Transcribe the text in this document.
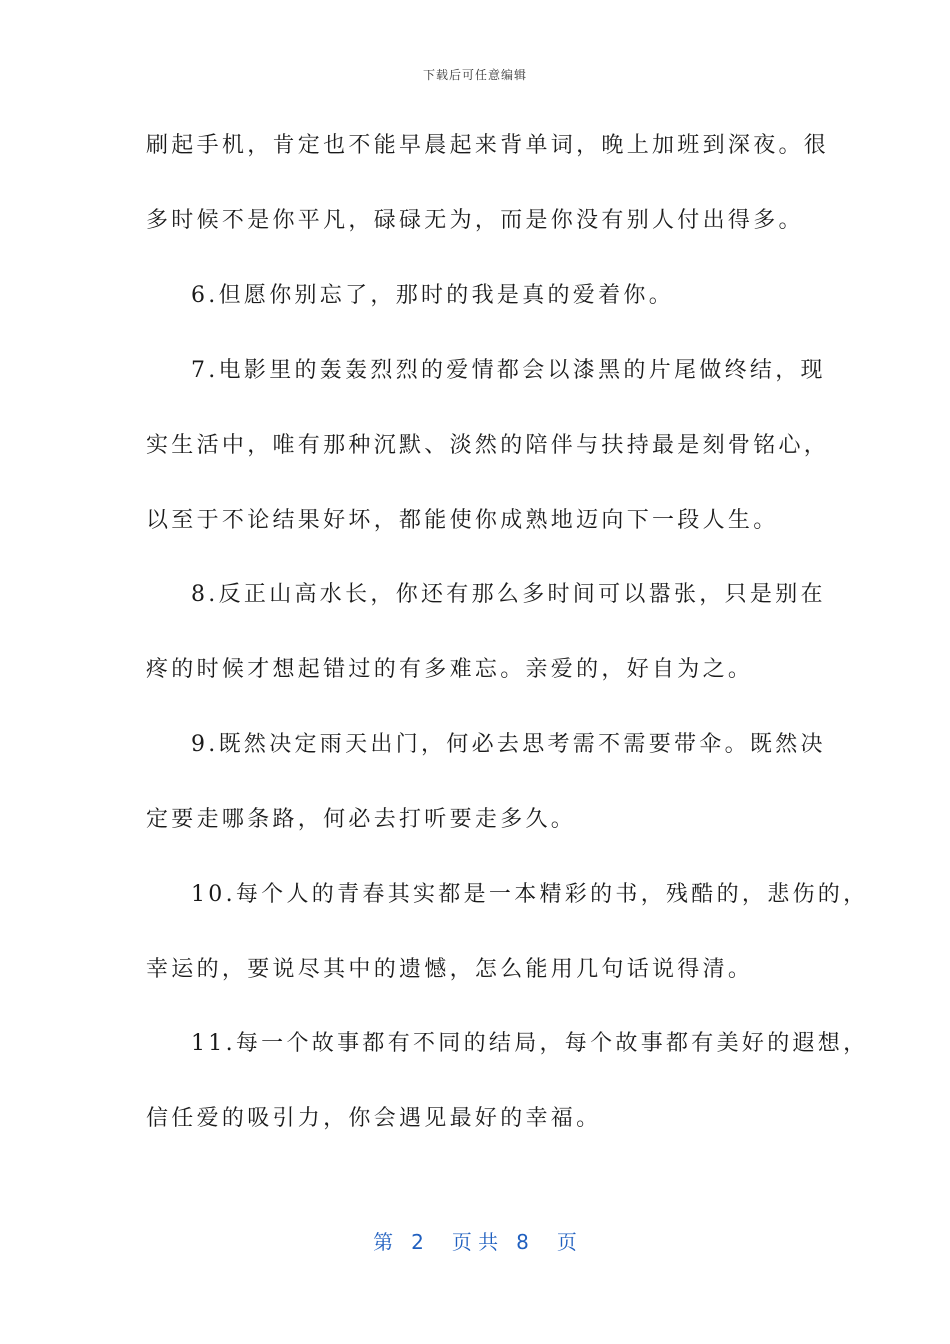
下载后可任意编辑
刷起手机，肯定也不能早晨起来背单词，晚上加班到深夜。很
多时候不是你平凡，碌碌无为，而是你没有别人付出得多。
6.但愿你别忘了，那时的我是真的爱着你。
7.电影里的轰轰烈烈的爱情都会以漆黑的片尾做终结，现
实生活中，唯有那种沉默、淡然的陪伴与扶持最是刻骨铭心，
以至于不论结果好坏，都能使你成熟地迈向下一段人生。
8.反正山高水长，你还有那么多时间可以嚣张，只是别在
疼的时候才想起错过的有多难忘。亲爱的，好自为之。
9.既然决定雨天出门，何必去思考需不需要带伞。既然决
定要走哪条路，何必去打听要走多久。
10.每个人的青春其实都是一本精彩的书，残酷的，悲伤的，
幸运的，要说尽其中的遗憾，怎么能用几句话说得清。
11.每一个故事都有不同的结局，每个故事都有美好的遐想，
信任爱的吸引力，你会遇见最好的幸福。
第 2 页 共 8 页
